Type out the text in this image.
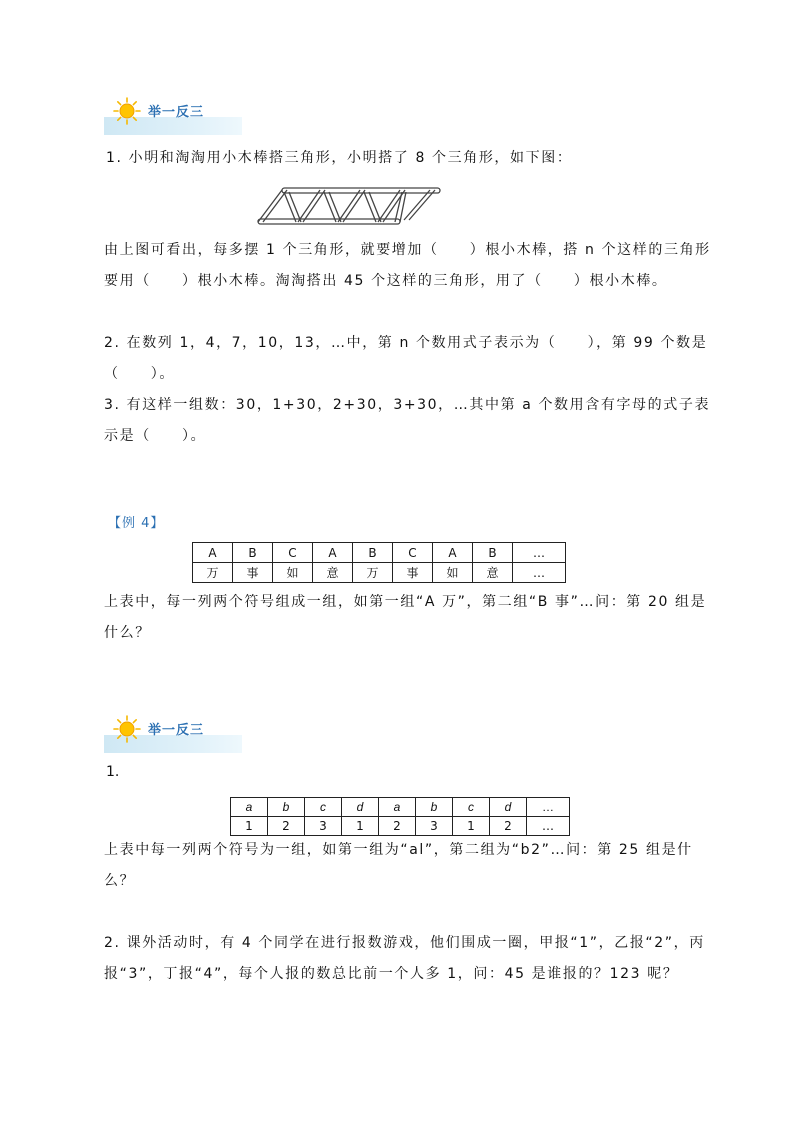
举一反三

1. 小明和淘淘用小木棒搭三角形，小明搭了 8 个三角形，如下图：

由上图可看出，每多摆 1 个三角形，就要增加（　　）根小木棒，搭 n 个这样的三角形要用（　　）根小木棒。淘淘搭出 45 个这样的三角形，用了（　　）根小木棒。

2. 在数列 1，4，7，10，13，…中，第 n 个数用式子表示为（　　），第 99 个数是（　　）。

3. 有这样一组数：30，1+30，2+30，3+30，…其中第 a 个数用含有字母的式子表示是（　　）。

【例 4】
A	B	C	A	B	C	A	B	…
万	事	如	意	万	事	如	意	…

上表中，每一列两个符号组成一组，如第一组“A 万”，第二组“B 事”…问：第 20 组是什么？

举一反三
1.
a	b	c	d	a	b	c	d	…
1	2	3	1	2	3	1	2	…

上表中每一列两个符号为一组，如第一组为“al”，第二组为“b2”…问：第 25 组是什么？

2. 课外活动时，有 4 个同学在进行报数游戏，他们围成一圈，甲报“1”，乙报“2”，丙报“3”，丁报“4”，每个人报的数总比前一个人多 1，问：45 是谁报的？123 呢？
